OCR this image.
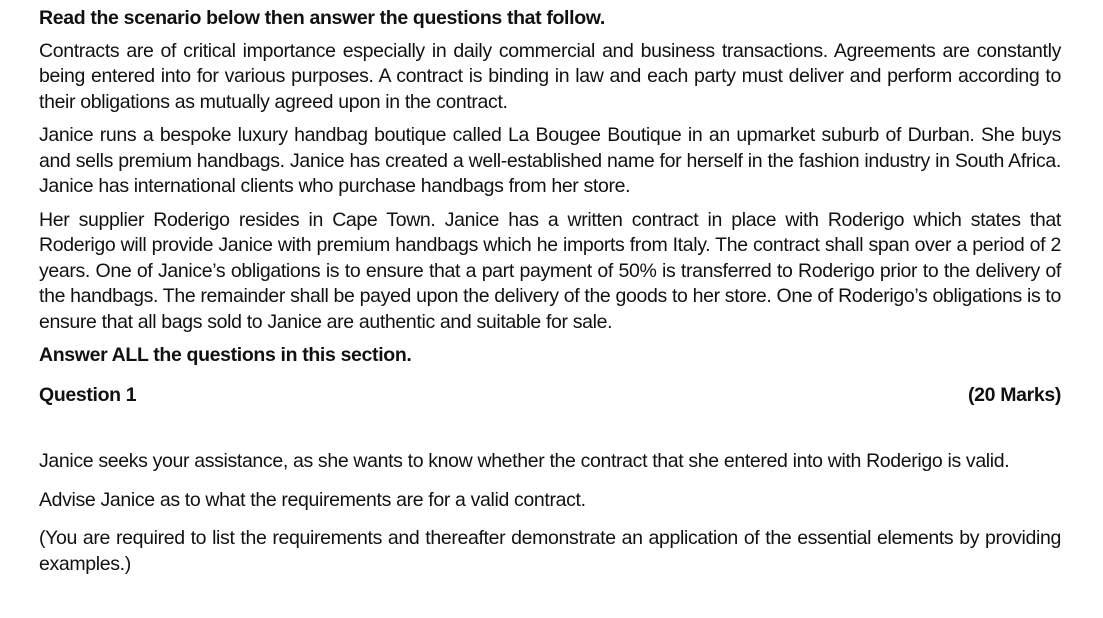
Read the scenario below then answer the questions that follow.

Contracts are of critical importance especially in daily commercial and business transactions. Agreements are constantly being entered into for various purposes. A contract is binding in law and each party must deliver and perform according to their obligations as mutually agreed upon in the contract.

Janice runs a bespoke luxury handbag boutique called La Bougee Boutique in an upmarket suburb of Durban. She buys and sells premium handbags. Janice has created a well-established name for herself in the fashion industry in South Africa. Janice has international clients who purchase handbags from her store.

Her supplier Roderigo resides in Cape Town. Janice has a written contract in place with Roderigo which states that Roderigo will provide Janice with premium handbags which he imports from Italy. The contract shall span over a period of 2 years. One of Janice’s obligations is to ensure that a part payment of 50% is transferred to Roderigo prior to the delivery of the handbags. The remainder shall be payed upon the delivery of the goods to her store. One of Roderigo’s obligations is to ensure that all bags sold to Janice are authentic and suitable for sale.

Answer ALL the questions in this section.

Question 1	(20 Marks)

Janice seeks your assistance, as she wants to know whether the contract that she entered into with Roderigo is valid.

Advise Janice as to what the requirements are for a valid contract.

(You are required to list the requirements and thereafter demonstrate an application of the essential elements by providing examples.)
